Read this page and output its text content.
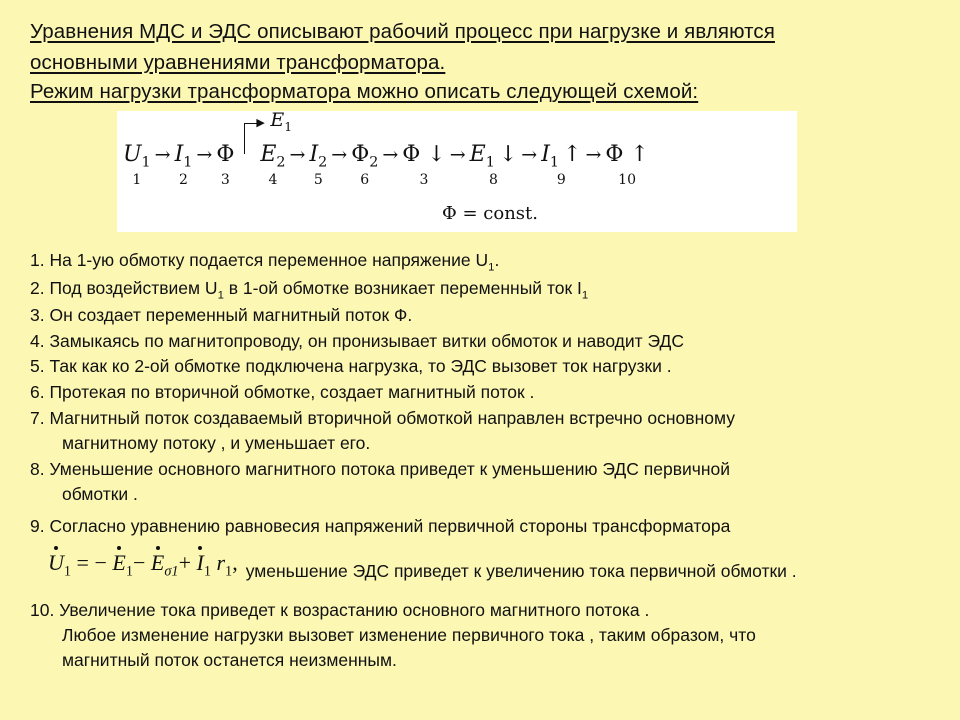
Уравнения МДС и ЭДС описывают рабочий процесс при нагрузке и являются
основными уравнениями трансформатора.
Режим нагрузки трансформатора можно описать следующей схемой:
$U_1$
1
→ $I_1$
2
→ Φ
3
$E_2$
4
▶ $E_1$
→ $I_2$
5
→ $\Phi_2$
6
→ Φ ↓
3
→ $E_1$ ↓
8
→ $I_1$ ↑
9
→ Φ ↑
10
Φ = const.
1. На 1-ую обмотку подается переменное напряжение $U_1$.
2. Под воздействием $U_1$ в 1-ой обмотке возникает переменный ток $I_1$
3. Он создает переменный магнитный поток Ф.
4. Замыкаясь по магнитопроводу, он пронизывает витки обмоток и наводит ЭДС
5. Так как ко 2-ой обмотке подключена нагрузка, то ЭДС вызовет ток нагрузки .
6. Протекая по вторичной обмотке, создает магнитный поток .
7. Магнитный поток создаваемый вторичной обмоткой направлен встречно основному
магнитному потоку , и уменьшает его.
8. Уменьшение основного магнитного потока приведет к уменьшению ЭДС первичной
обмотки .
9. Согласно уравнению равновесия напряжений первичной стороны трансформатора
$U_1$ = − $E_1- E_{\sigma 1}+ I_1$ $r_1$, уменьшение ЭДС приведет к увеличению тока первичной обмотки .
10. Увеличение тока приведет к возрастанию основного магнитного потока .
Любое изменение нагрузки вызовет изменение первичного тока , таким образом, что
магнитный поток останется неизменным.
